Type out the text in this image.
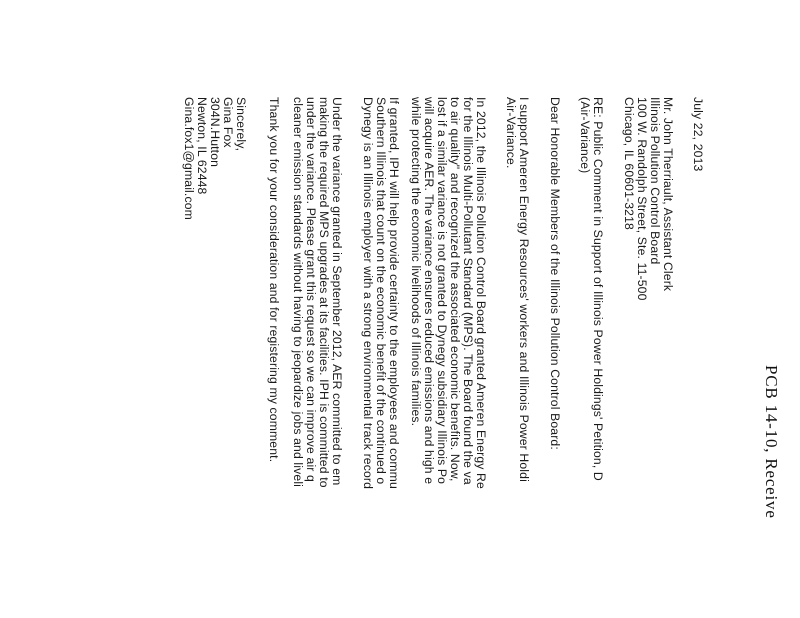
PCB 14-10, Receive
July 22, 2013
Mr. John Therriault, Assistant Clerk
Illinois Pollution Control Board
100 W. Randolph Street, Ste. 11-500
Chicago, IL 60601-3218
RE: Public Comment in Support of Illinois Power Holdings' Petition, D
(Air-Variance)
Dear Honorable Members of the Illinois Pollution Control Board:
I support Ameren Energy Resources' workers and Illinois Power Holdi
Air-Variance.
In 2012, the Illinois Pollution Control Board granted Ameren Energy Re
for the Illinois Multi-Pollutant Standard (MPS). The Board found the va
to air quality" and recognized the associated economic benefits. Now,
lost if a similar variance is not granted to Dynegy subsidiary Illinois Po
will acquire AER. The variance ensures reduced emissions and high e
while protecting the economic livelihoods of Illinois families.
If granted, IPH will help provide certainty to the employees and commu
Southern Illinois that count on the economic benefit of the continued o
Dynegy is an Illinois employer with a strong environmental track record
Under the variance granted in September 2012, AER committed to em
making the required MPS upgrades at its facilities. IPH is committed to
under the variance. Please grant this request so we can improve air q
cleaner emission standards without having to jeopardize jobs and liveli
Thank you for your consideration and for registering my comment.
Sincerely,
Gina Fox
304N.Hutton
Newton, IL 62448
Gina.fox1@gmail.com
